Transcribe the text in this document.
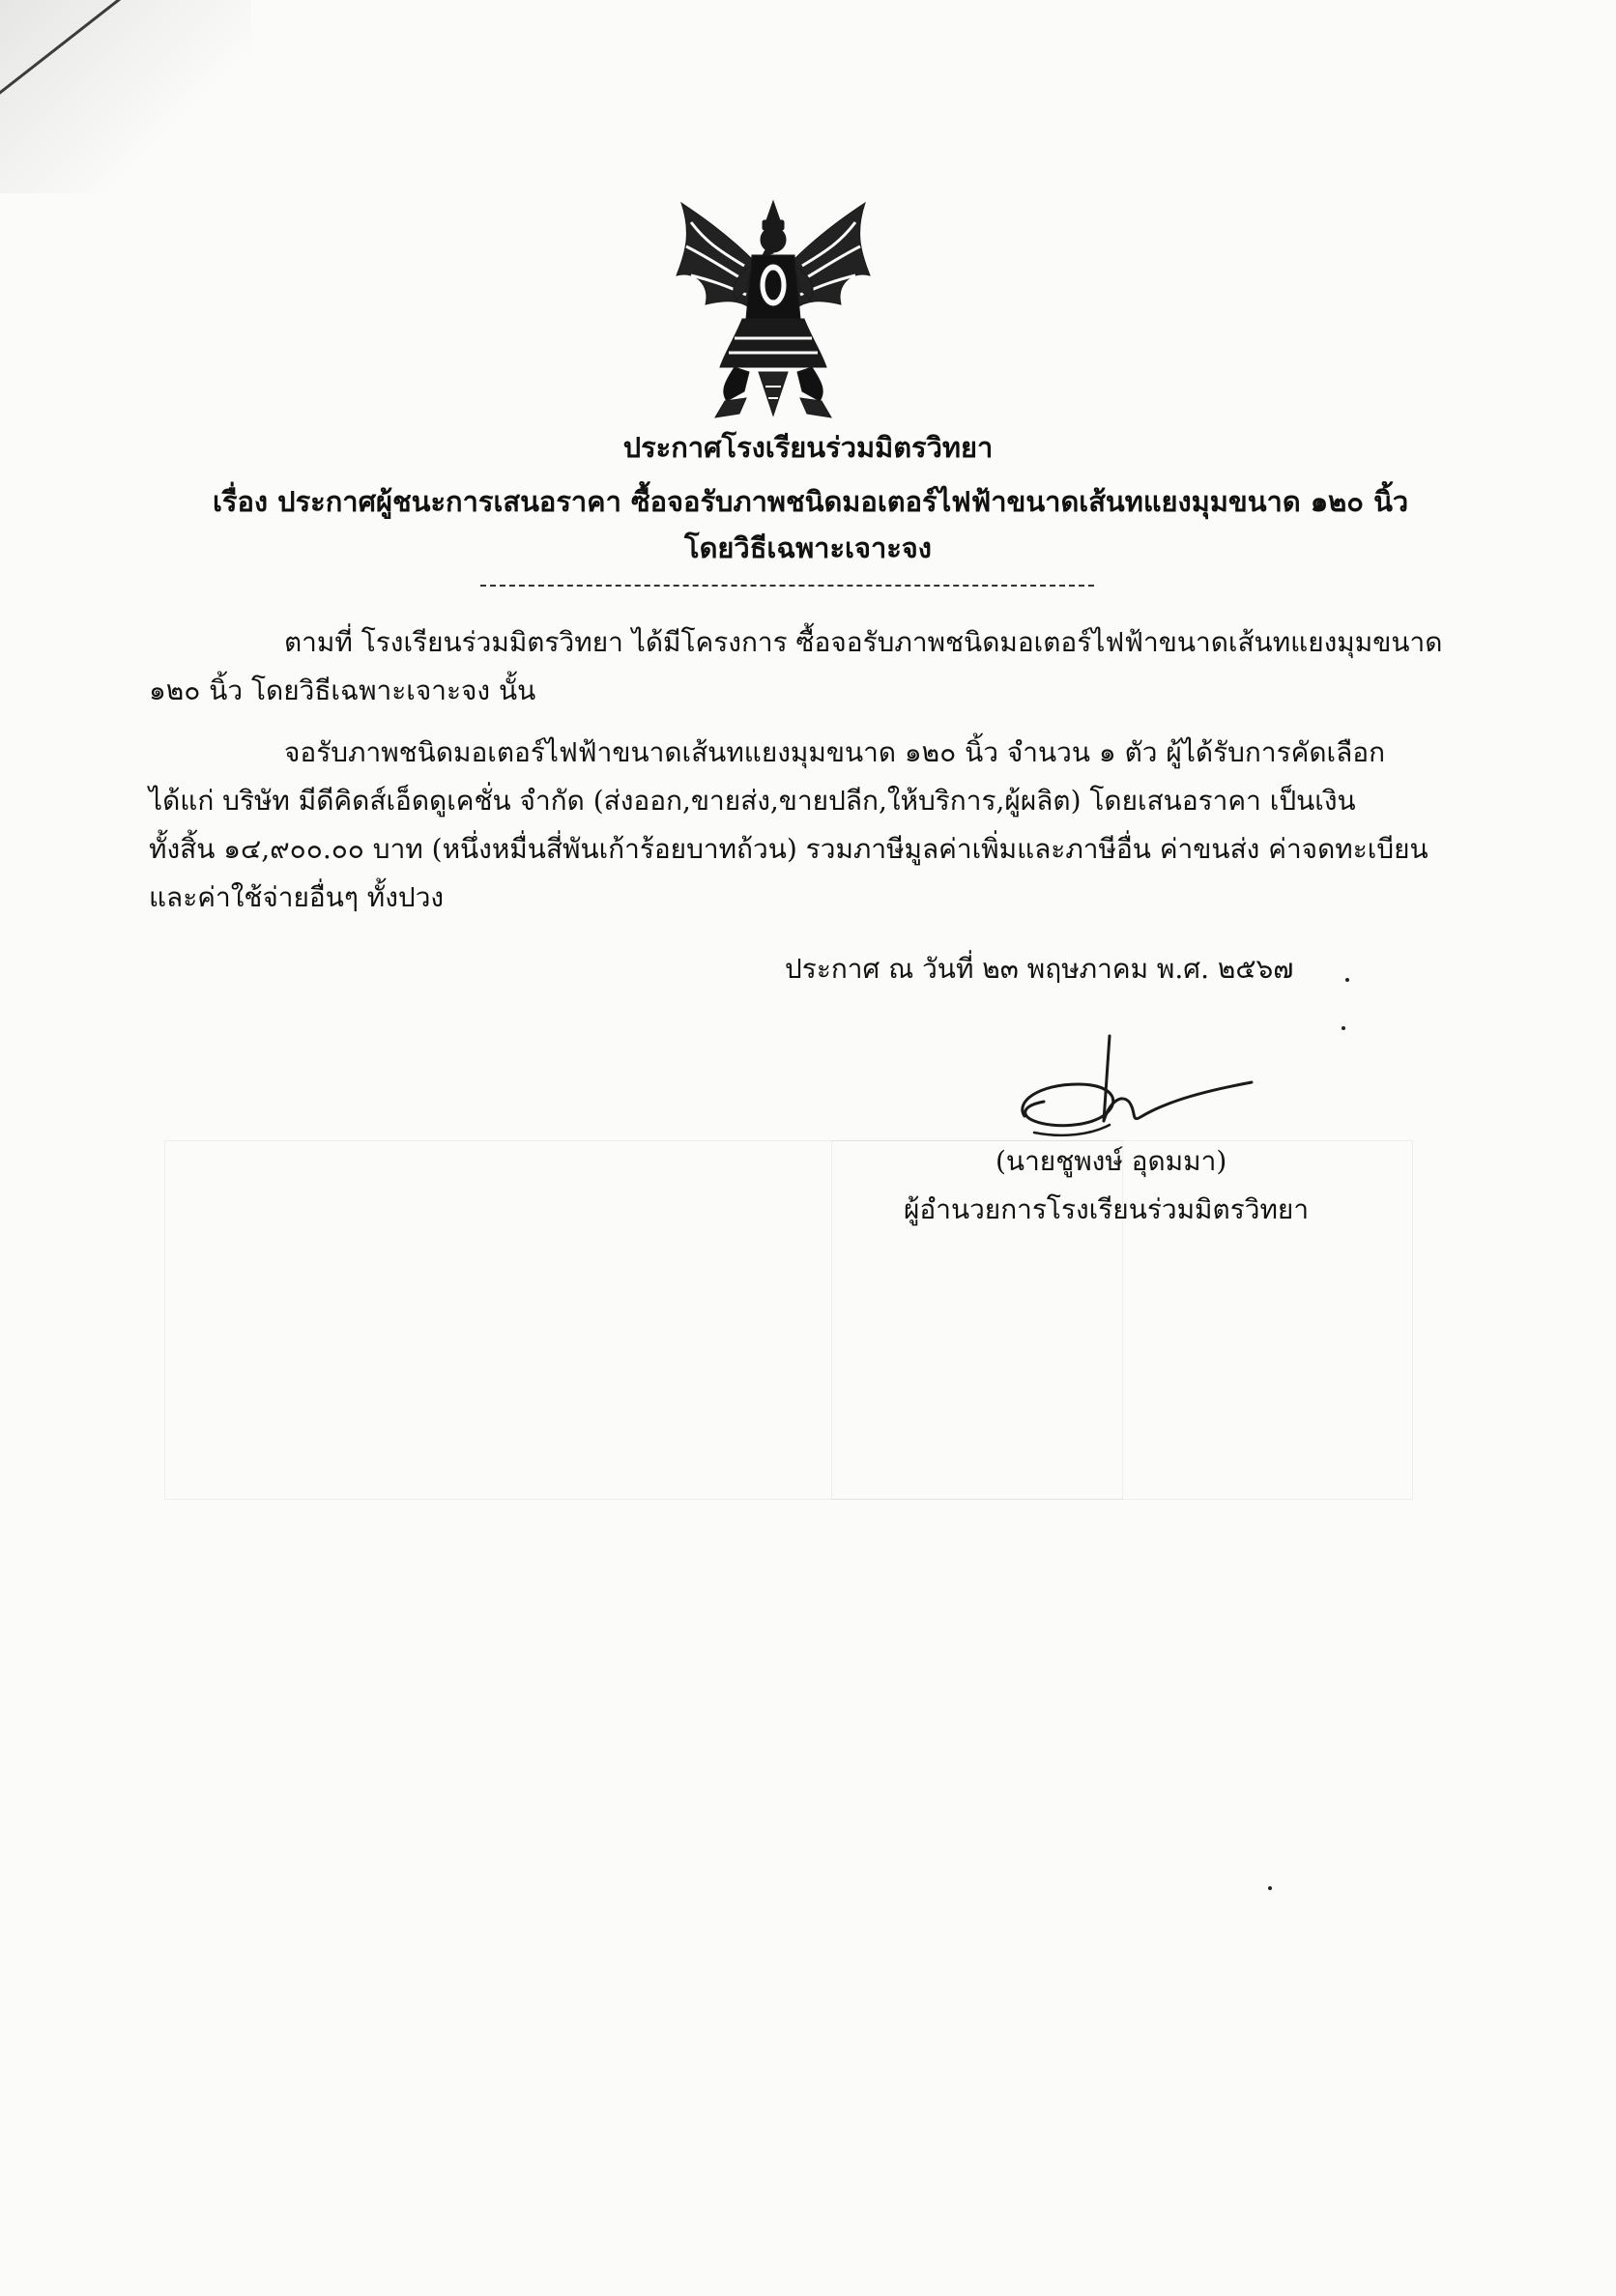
ประกาศโรงเรียนร่วมมิตรวิทยา
เรื่อง ประกาศผู้ชนะการเสนอราคา ซื้อจอรับภาพชนิดมอเตอร์ไฟฟ้าขนาดเส้นทแยงมุมขนาด ๑๒๐ นิ้ว
โดยวิธีเฉพาะเจาะจง
ตามที่ โรงเรียนร่วมมิตรวิทยา ได้มีโครงการ ซื้อจอรับภาพชนิดมอเตอร์ไฟฟ้าขนาดเส้นทแยงมุมขนาด
๑๒๐ นิ้ว โดยวิธีเฉพาะเจาะจง นั้น
จอรับภาพชนิดมอเตอร์ไฟฟ้าขนาดเส้นทแยงมุมขนาด ๑๒๐ นิ้ว จำนวน ๑ ตัว ผู้ได้รับการคัดเลือก
ได้แก่ บริษัท มีดีคิดส์เอ็ดดูเคชั่น จำกัด (ส่งออก,ขายส่ง,ขายปลีก,ให้บริการ,ผู้ผลิต) โดยเสนอราคา เป็นเงิน
ทั้งสิ้น ๑๔,๙๐๐.๐๐ บาท (หนึ่งหมื่นสี่พันเก้าร้อยบาทถ้วน) รวมภาษีมูลค่าเพิ่มและภาษีอื่น ค่าขนส่ง ค่าจดทะเบียน
และค่าใช้จ่ายอื่นๆ ทั้งปวง
ประกาศ ณ วันที่ ๒๓ พฤษภาคม พ.ศ. ๒๕๖๗
(นายชูพงษ์ อุดมมา)
ผู้อำนวยการโรงเรียนร่วมมิตรวิทยา
